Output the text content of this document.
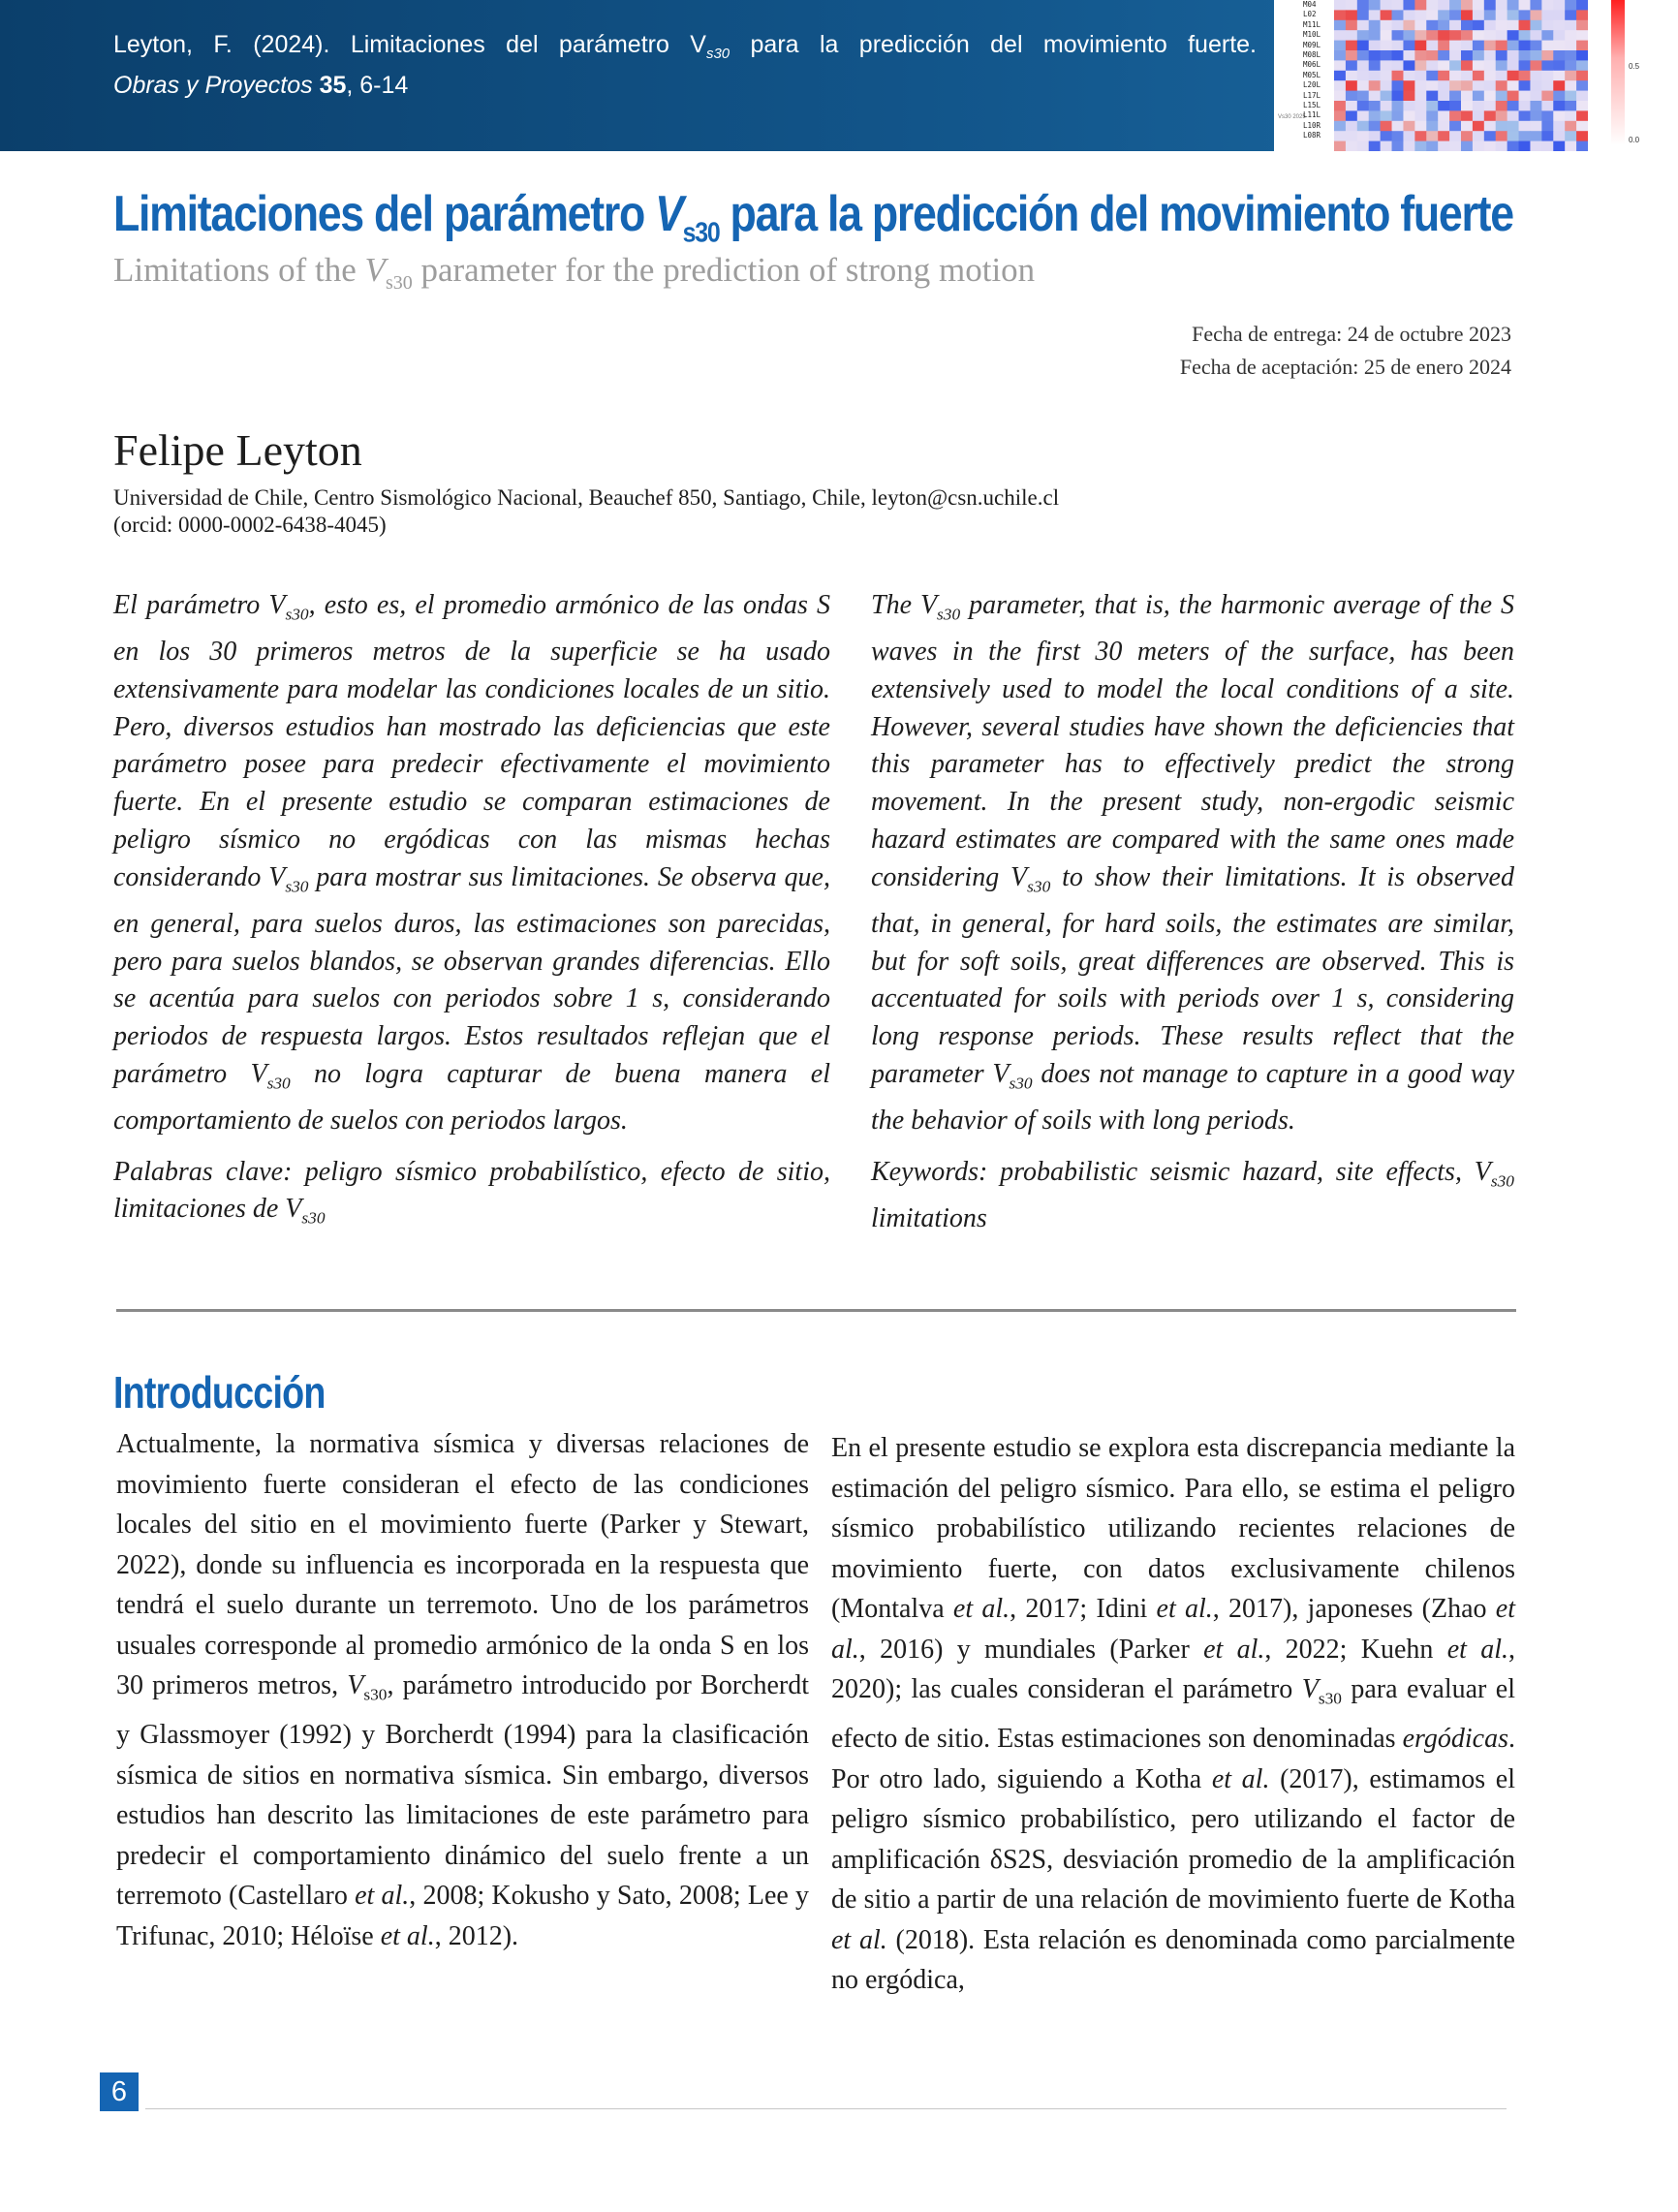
Leyton, F. (2024). Limitaciones del parámetro $V_{s30}$ para la predicción del movimiento fuerte.
Obras y Proyectos 35, 6-14
Vs30 2025
M04
L02
M11L
M10L
M09L
M08L
M06L
M05L
L20L
L17L
L15L
L11L
L10R
L08R
0.5
0.0
Limitaciones del parámetro $V_{s30}$ para la predicción del movimiento fuerte
Limitations of the $V_{s30}$ parameter for the prediction of strong motion
Fecha de entrega: 24 de octubre 2023
Fecha de aceptación: 25 de enero 2024
Felipe Leyton
Universidad de Chile, Centro Sismológico Nacional, Beauchef 850, Santiago, Chile, leyton@csn.uchile.cl
(orcid: 0000-0002-6438-4045)

El parámetro $V_{s30}$, esto es, el promedio armónico de las ondas S en los 30 primeros metros de la superficie se ha usado extensivamente para modelar las condiciones locales de un sitio. Pero, diversos estudios han mostrado las deficiencias que este parámetro posee para predecir efectivamente el movimiento fuerte. En el presente estudio se comparan estimaciones de peligro sísmico no ergódicas con las mismas hechas considerando $V_{s30}$ para mostrar sus limitaciones. Se observa que, en general, para suelos duros, las estimaciones son parecidas, pero para suelos blandos, se observan grandes diferencias. Ello se acentúa para suelos con periodos sobre 1 s, considerando periodos de respuesta largos. Estos resultados reflejan que el parámetro $V_{s30}$ no logra capturar de buena manera el comportamiento de suelos con periodos largos.

Palabras clave: peligro sísmico probabilístico, efecto de sitio, limitaciones de $V_{s30}$

The $V_{s30}$ parameter, that is, the harmonic average of the S waves in the first 30 meters of the surface, has been extensively used to model the local conditions of a site. However, several studies have shown the deficiencies that this parameter has to effectively predict the strong movement. In the present study, non-ergodic seismic hazard estimates are compared with the same ones made considering $V_{s30}$ to show their limitations. It is observed that, in general, for hard soils, the estimates are similar, but for soft soils, great differences are observed. This is accentuated for soils with periods over 1 s, considering long response periods. These results reflect that the parameter $V_{s30}$ does not manage to capture in a good way the behavior of soils with long periods.

Keywords: probabilistic seismic hazard, site effects, $V_{s30}$ limitations

Introducción

Actualmente, la normativa sísmica y diversas relaciones de movimiento fuerte consideran el efecto de las condiciones locales del sitio en el movimiento fuerte (Parker y Stewart, 2022), donde su influencia es incorporada en la respuesta que tendrá el suelo durante un terremoto. Uno de los parámetros usuales corresponde al promedio armónico de la onda S en los 30 primeros metros, $V_{s30}$, parámetro introducido por Borcherdt y Glassmoyer (1992) y Borcherdt (1994) para la clasificación sísmica de sitios en normativa sísmica. Sin embargo, diversos estudios han descrito las limitaciones de este parámetro para predecir el comportamiento dinámico del suelo frente a un terremoto (Castellaro et al., 2008; Kokusho y Sato, 2008; Lee y Trifunac, 2010; Héloïse et al., 2012).

En el presente estudio se explora esta discrepancia mediante la estimación del peligro sísmico. Para ello, se estima el peligro sísmico probabilístico utilizando recientes relaciones de movimiento fuerte, con datos exclusivamente chilenos (Montalva et al., 2017; Idini et al., 2017), japoneses (Zhao et al., 2016) y mundiales (Parker et al., 2022; Kuehn et al., 2020); las cuales consideran el parámetro $V_{s30}$ para evaluar el efecto de sitio. Estas estimaciones son denominadas ergódicas. Por otro lado, siguiendo a Kotha et al. (2017), estimamos el peligro sísmico probabilístico, pero utilizando el factor de amplificación δS2S, desviación promedio de la amplificación de sitio a partir de una relación de movimiento fuerte de Kotha et al. (2018). Esta relación es denominada como parcialmente no ergódica,

6
